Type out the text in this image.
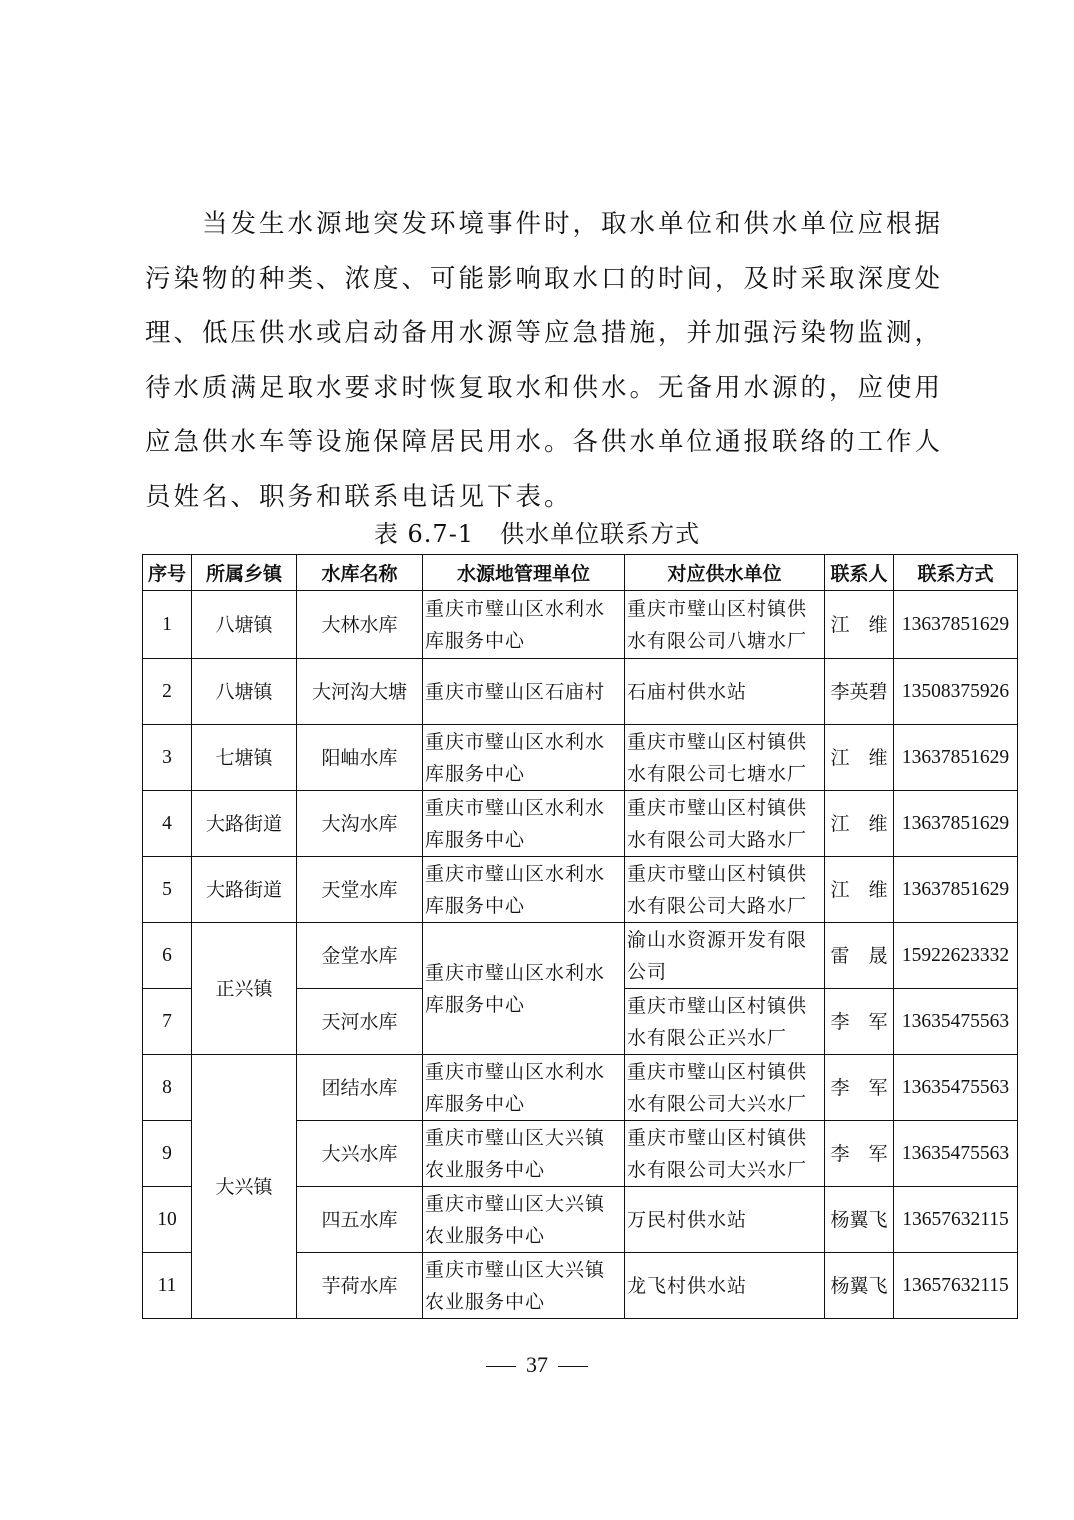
当发生水源地突发环境事件时，取水单位和供水单位应根据
污染物的种类、浓度、可能影响取水口的时间，及时采取深度处
理、低压供水或启动备用水源等应急措施，并加强污染物监测，
待水质满足取水要求时恢复取水和供水。无备用水源的，应使用
应急供水车等设施保障居民用水。各供水单位通报联络的工作人
员姓名、职务和联系电话见下表。
表 6.7-1 供水单位联系方式
序号	所属乡镇	水库名称	水源地管理单位	对应供水单位	联系人	联系方式
1	八塘镇	大林水库	重庆市璧山区水利水库服务中心	重庆市璧山区村镇供水有限公司八塘水厂	江　维	13637851629
2	八塘镇	大河沟大塘	重庆市璧山区石庙村	石庙村供水站	李英碧	13508375926
3	七塘镇	阳岫水库	重庆市璧山区水利水库服务中心	重庆市璧山区村镇供水有限公司七塘水厂	江　维	13637851629
4	大路街道	大沟水库	重庆市璧山区水利水库服务中心	重庆市璧山区村镇供水有限公司大路水厂	江　维	13637851629
5	大路街道	天堂水库	重庆市璧山区水利水库服务中心	重庆市璧山区村镇供水有限公司大路水厂	江　维	13637851629
6	正兴镇	金堂水库	重庆市璧山区水利水库服务中心	渝山水资源开发有限公司	雷　晟	15922623332
7		天河水库		重庆市璧山区村镇供水有限公正兴水厂	李　军	13635475563
8	大兴镇	团结水库	重庆市璧山区水利水库服务中心	重庆市璧山区村镇供水有限公司大兴水厂	李　军	13635475563
9		大兴水库	重庆市璧山区大兴镇农业服务中心	重庆市璧山区村镇供水有限公司大兴水厂	李　军	13635475563
10		四五水库	重庆市璧山区大兴镇农业服务中心	万民村供水站	杨翼飞	13657632115
11		芋荷水库	重庆市璧山区大兴镇农业服务中心	龙飞村供水站	杨翼飞	13657632115
37
